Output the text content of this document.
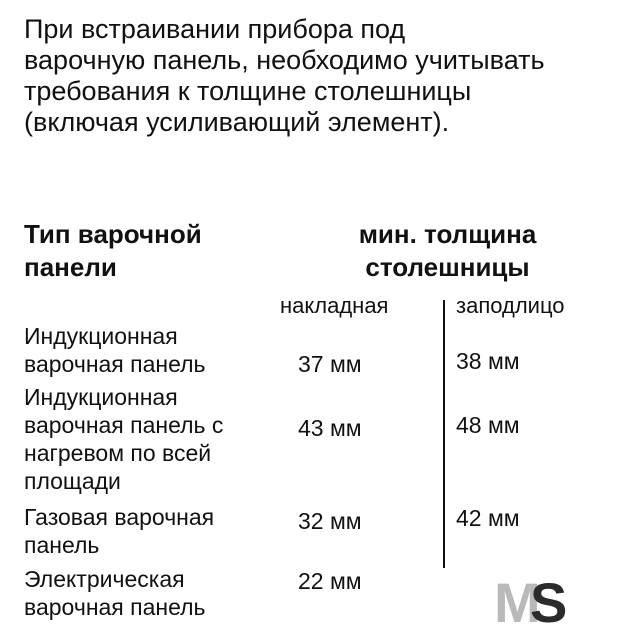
При встраивании прибора под
варочную панель, необходимо учитывать
требования к толщине столешницы
(включая усиливающий элемент).
Тип варочной
панели
мин. толщина
столешницы
накладная	заподлицо
Индукционная
варочная панель	37 мм	38 мм
Индукционная
варочная панель с
нагревом по всей
площади
43 мм	48 мм
Газовая варочная
панель
32 мм	42 мм
Электрическая
варочная панель
22 мм M
S
